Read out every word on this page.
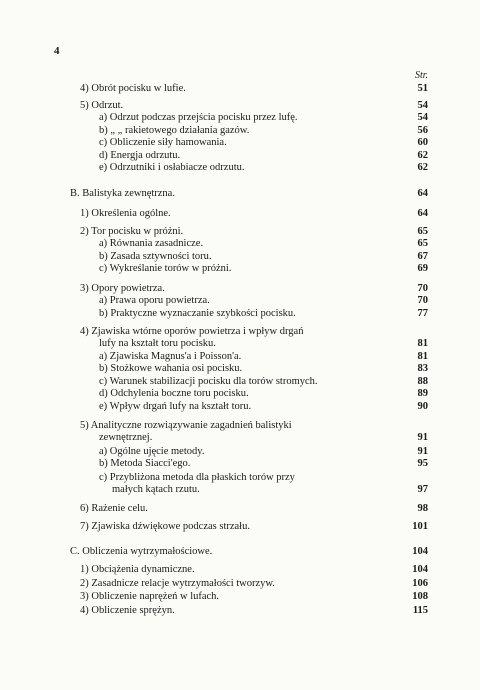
4
Str.
4) Obrót pocisku w lufie.	51
5) Odrzut.	54
a) Odrzut podczas przejścia pocisku przez lufę.	54
b) „ „ rakietowego działania gazów.	56
c) Obliczenie siły hamowania.	60
d) Energja odrzutu.	62
e) Odrzutniki i osłabiacze odrzutu.	62
B. Balistyka zewnętrzna.	64
1) Określenia ogólne.	64
2) Tor pocisku w próżni.	65
a) Równania zasadnicze.	65
b) Zasada sztywności toru.	67
c) Wykreślanie torów w próżni.	69
3) Opory powietrza.	70
a) Prawa oporu powietrza.	70
b) Praktyczne wyznaczanie szybkości pocisku.	77
4) Zjawiska wtórne oporów powietrza i wpływ drgań
lufy na kształt toru pocisku.	81
a) Zjawiska Magnus'a i Poisson'a.	81
b) Stożkowe wahania osi pocisku.	83
c) Warunek stabilizacji pocisku dla torów stromych.	88
d) Odchylenia boczne toru pocisku.	89
e) Wpływ drgań lufy na kształt toru.	90
5) Analityczne rozwiązywanie zagadnień balistyki
zewnętrznej.	91
a) Ogólne ujęcie metody.	91
b) Metoda Siacci'ego.	95
c) Przybliżona metoda dla płaskich torów przy
małych kątach rzutu.	97
6) Rażenie celu.	98
7) Zjawiska dźwiękowe podczas strzału.	101
C. Obliczenia wytrzymałościowe.	104
1) Obciążenia dynamiczne.	104
2) Zasadnicze relacje wytrzymałości tworzyw.	106
3) Obliczenie naprężeń w lufach.	108
4) Obliczenie sprężyn.	115
